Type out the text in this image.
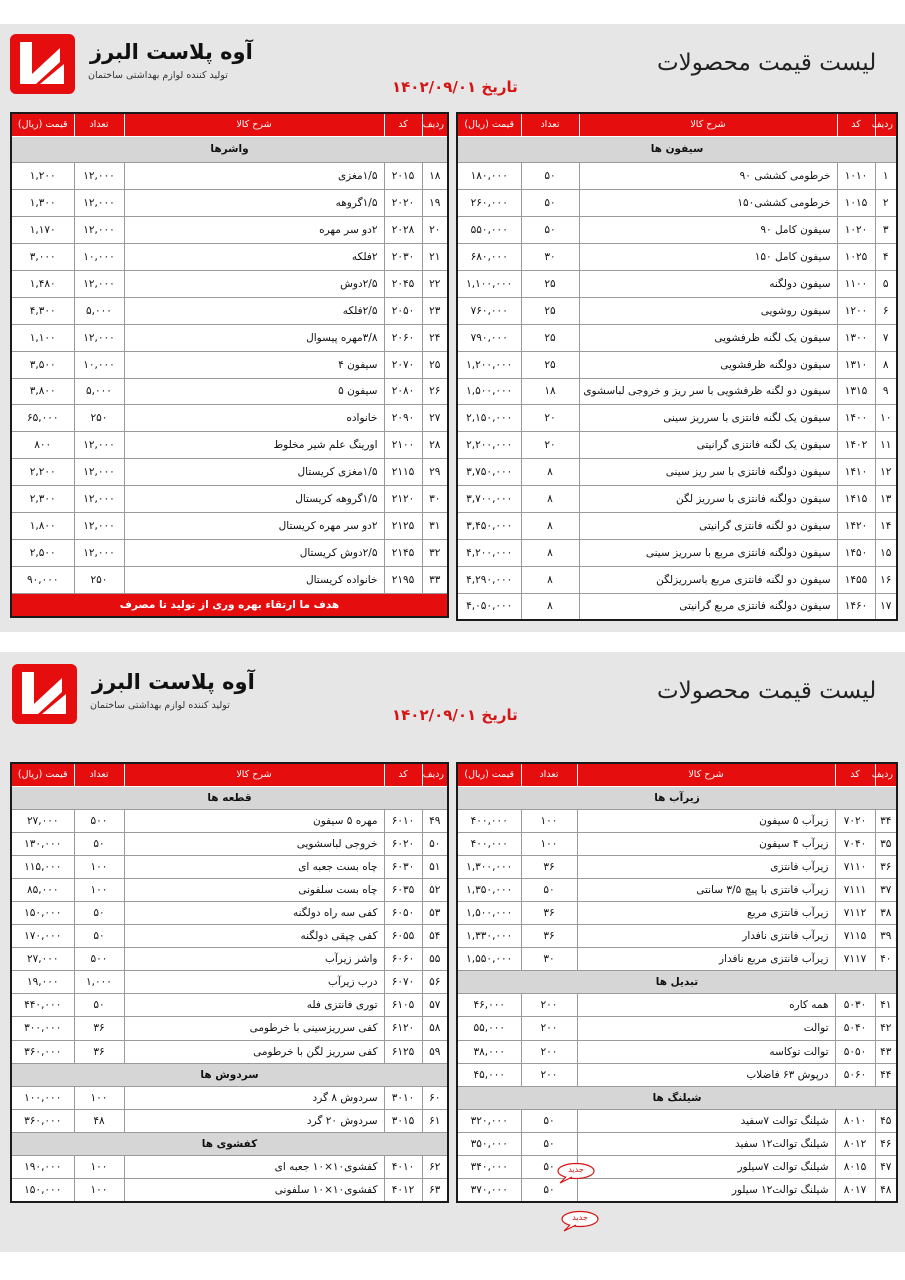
لیست قیمت محصولات
تاریخ ۱۴۰۲/۰۹/۰۱
آوه پلاست البرز
تولید کننده لوازم بهداشتی ساختمان
ردیف	کد	شرح کالا	تعداد	قیمت (ریال)
سیفون ها				
۱	۱۰۱۰	خرطومی کششی ۹۰	۵۰	۱۸۰,۰۰۰
۲	۱۰۱۵	خرطومی کششی۱۵۰	۵۰	۲۶۰,۰۰۰
۳	۱۰۲۰	سیفون کامل ۹۰	۵۰	۵۵۰,۰۰۰
۴	۱۰۲۵	سیفون کامل ۱۵۰	۳۰	۶۸۰,۰۰۰
۵	۱۱۰۰	سیفون دولگنه	۲۵	۱,۱۰۰,۰۰۰
۶	۱۲۰۰	سیفون روشویی	۲۵	۷۶۰,۰۰۰
۷	۱۳۰۰	سیفون یک لگنه ظرفشویی	۲۵	۷۹۰,۰۰۰
۸	۱۳۱۰	سیفون دولگنه ظرفشویی	۲۵	۱,۲۰۰,۰۰۰
۹	۱۳۱۵	سیفون دو لگنه ظرفشویی با سر ریز و خروجی لباسشوی	۱۸	۱,۵۰۰,۰۰۰
۱۰	۱۴۰۰	سیفون یک لگنه فانتزی با سرریز سینی	۲۰	۲,۱۵۰,۰۰۰
۱۱	۱۴۰۲	سیفون یک لگنه فانتزی گرانیتی	۲۰	۲,۲۰۰,۰۰۰
۱۲	۱۴۱۰	سیفون دولگنه فانتزی با سر ریز سینی	۸	۳,۷۵۰,۰۰۰
۱۳	۱۴۱۵	سیفون دولگنه فانتزی با سرریز لگن	۸	۳,۷۰۰,۰۰۰
۱۴	۱۴۲۰	سیفون دو لگنه فانتزی گرانیتی	۸	۳,۴۵۰,۰۰۰
۱۵	۱۴۵۰	سیفون دولگنه فانتزی مربع با سرریز سینی	۸	۴,۲۰۰,۰۰۰
۱۶	۱۴۵۵	سیفون دو لگنه فانتزی مربع باسرریزلگن	۸	۴,۲۹۰,۰۰۰
۱۷	۱۴۶۰	سیفون دولگنه فانتزی مربع گرانیتی	۸	۴,۰۵۰,۰۰۰
ردیف	کد	شرح کالا	تعداد	قیمت (ریال)
واشرها				
۱۸	۲۰۱۵	۱/۵مغزی	۱۲,۰۰۰	۱,۲۰۰
۱۹	۲۰۲۰	۱/۵گروهه	۱۲,۰۰۰	۱,۳۰۰
۲۰	۲۰۲۸	۲دو سر مهره	۱۲,۰۰۰	۱,۱۷۰
۲۱	۲۰۳۰	۲فلکه	۱۰,۰۰۰	۳,۰۰۰
۲۲	۲۰۴۵	۲/۵دوش	۱۲,۰۰۰	۱,۴۸۰
۲۳	۲۰۵۰	۲/۵فلکه	۵,۰۰۰	۴,۳۰۰
۲۴	۲۰۶۰	۳/۸مهره پیسوال	۱۲,۰۰۰	۱,۱۰۰
۲۵	۲۰۷۰	سیفون ۴	۱۰,۰۰۰	۳,۵۰۰
۲۶	۲۰۸۰	سیفون ۵	۵,۰۰۰	۳,۸۰۰
۲۷	۲۰۹۰	خانواده	۲۵۰	۶۵,۰۰۰
۲۸	۲۱۰۰	اورینگ علم شیر مخلوط	۱۲,۰۰۰	۸۰۰
۲۹	۲۱۱۵	۱/۵مغزی کریستال	۱۲,۰۰۰	۲,۲۰۰
۳۰	۲۱۲۰	۱/۵گروهه کریستال	۱۲,۰۰۰	۲,۳۰۰
۳۱	۲۱۲۵	۲دو سر مهره کریستال	۱۲,۰۰۰	۱,۸۰۰
۳۲	۲۱۴۵	۲/۵دوش کریستال	۱۲,۰۰۰	۲,۵۰۰
۳۳	۲۱۹۵	خانواده کریستال	۲۵۰	۹۰,۰۰۰
هدف ما ارتقاء بهره وری از تولید تا مصرف				
لیست قیمت محصولات
تاریخ ۱۴۰۲/۰۹/۰۱
آوه پلاست البرز
تولید کننده لوازم بهداشتی ساختمان
ردیف	کد	شرح کالا	تعداد	قیمت (ریال)
زیرآب ها				
۳۴	۷۰۲۰	زیرآب ۵ سیفون	۱۰۰	۴۰۰,۰۰۰
۳۵	۷۰۴۰	زیرآب ۴ سیفون	۱۰۰	۴۰۰,۰۰۰
۳۶	۷۱۱۰	زیرآب فانتزی	۳۶	۱,۳۰۰,۰۰۰
۳۷	۷۱۱۱	زیرآب فانتزی با پیچ ۳/۵ سانتی	۵۰	۱,۳۵۰,۰۰۰
۳۸	۷۱۱۲	زیرآب فانتزی مربع	۳۶	۱,۵۰۰,۰۰۰
۳۹	۷۱۱۵	زیرآب فانتزی نافدار	۳۶	۱,۳۳۰,۰۰۰
۴۰	۷۱۱۷	زیرآب فانتزی مربع نافدار	۳۰	۱,۵۵۰,۰۰۰
تبدیل ها				
۴۱	۵۰۳۰	همه کاره	۲۰۰	۴۶,۰۰۰
۴۲	۵۰۴۰	توالت	۲۰۰	۵۵,۰۰۰
۴۳	۵۰۵۰	توالت توکاسه	۲۰۰	۳۸,۰۰۰
۴۴	۵۰۶۰	درپوش ۶۳ فاضلاب	۲۰۰	۴۵,۰۰۰
شیلنگ ها				
۴۵	۸۰۱۰	شیلنگ توالت ۷سفید	۵۰	۳۲۰,۰۰۰
۴۶	۸۰۱۲	شیلنگ توالت۱۲ سفید	۵۰	۳۵۰,۰۰۰
۴۷	۸۰۱۵	شیلنگ توالت ۷سیلور	۵۰	۳۴۰,۰۰۰
۴۸	۸۰۱۷	شیلنگ توالت۱۲ سیلور	۵۰	۳۷۰,۰۰۰
ردیف	کد	شرح کالا	تعداد	قیمت (ریال)
قطعه ها				
۴۹	۶۰۱۰	مهره ۵ سیفون	۵۰۰	۲۷,۰۰۰
۵۰	۶۰۲۰	خروجی لباسشویی	۵۰	۱۳۰,۰۰۰
۵۱	۶۰۳۰	چاه بست جعبه ای	۱۰۰	۱۱۵,۰۰۰
۵۲	۶۰۳۵	چاه بست سلفونی	۱۰۰	۸۵,۰۰۰
۵۳	۶۰۵۰	کفی سه راه دولگنه	۵۰	۱۵۰,۰۰۰
۵۴	۶۰۵۵	کفی چپقی دولگنه	۵۰	۱۷۰,۰۰۰
۵۵	۶۰۶۰	واشر زیرآب	۵۰۰	۲۷,۰۰۰
۵۶	۶۰۷۰	درب زیرآب	۱,۰۰۰	۱۹,۰۰۰
۵۷	۶۱۰۵	توری فانتزی فله	۵۰	۴۴۰,۰۰۰
۵۸	۶۱۲۰	کفی سرریزسینی با خرطومی	۳۶	۳۰۰,۰۰۰
۵۹	۶۱۲۵	کفی سرریز لگن با خرطومی	۳۶	۳۶۰,۰۰۰
سردوش ها				
۶۰	۳۰۱۰	سردوش ۸ گرد	۱۰۰	۱۰۰,۰۰۰
۶۱	۳۰۱۵	سردوش ۲۰ گرد	۴۸	۳۶۰,۰۰۰
کفشوی ها				
۶۲	۴۰۱۰	کفشوی۱۰×۱۰ جعبه ای	۱۰۰	۱۹۰,۰۰۰
۶۳	۴۰۱۲	کفشوی۱۰×۱۰ سلفونی	۱۰۰	۱۵۰,۰۰۰
جدید
جدید
